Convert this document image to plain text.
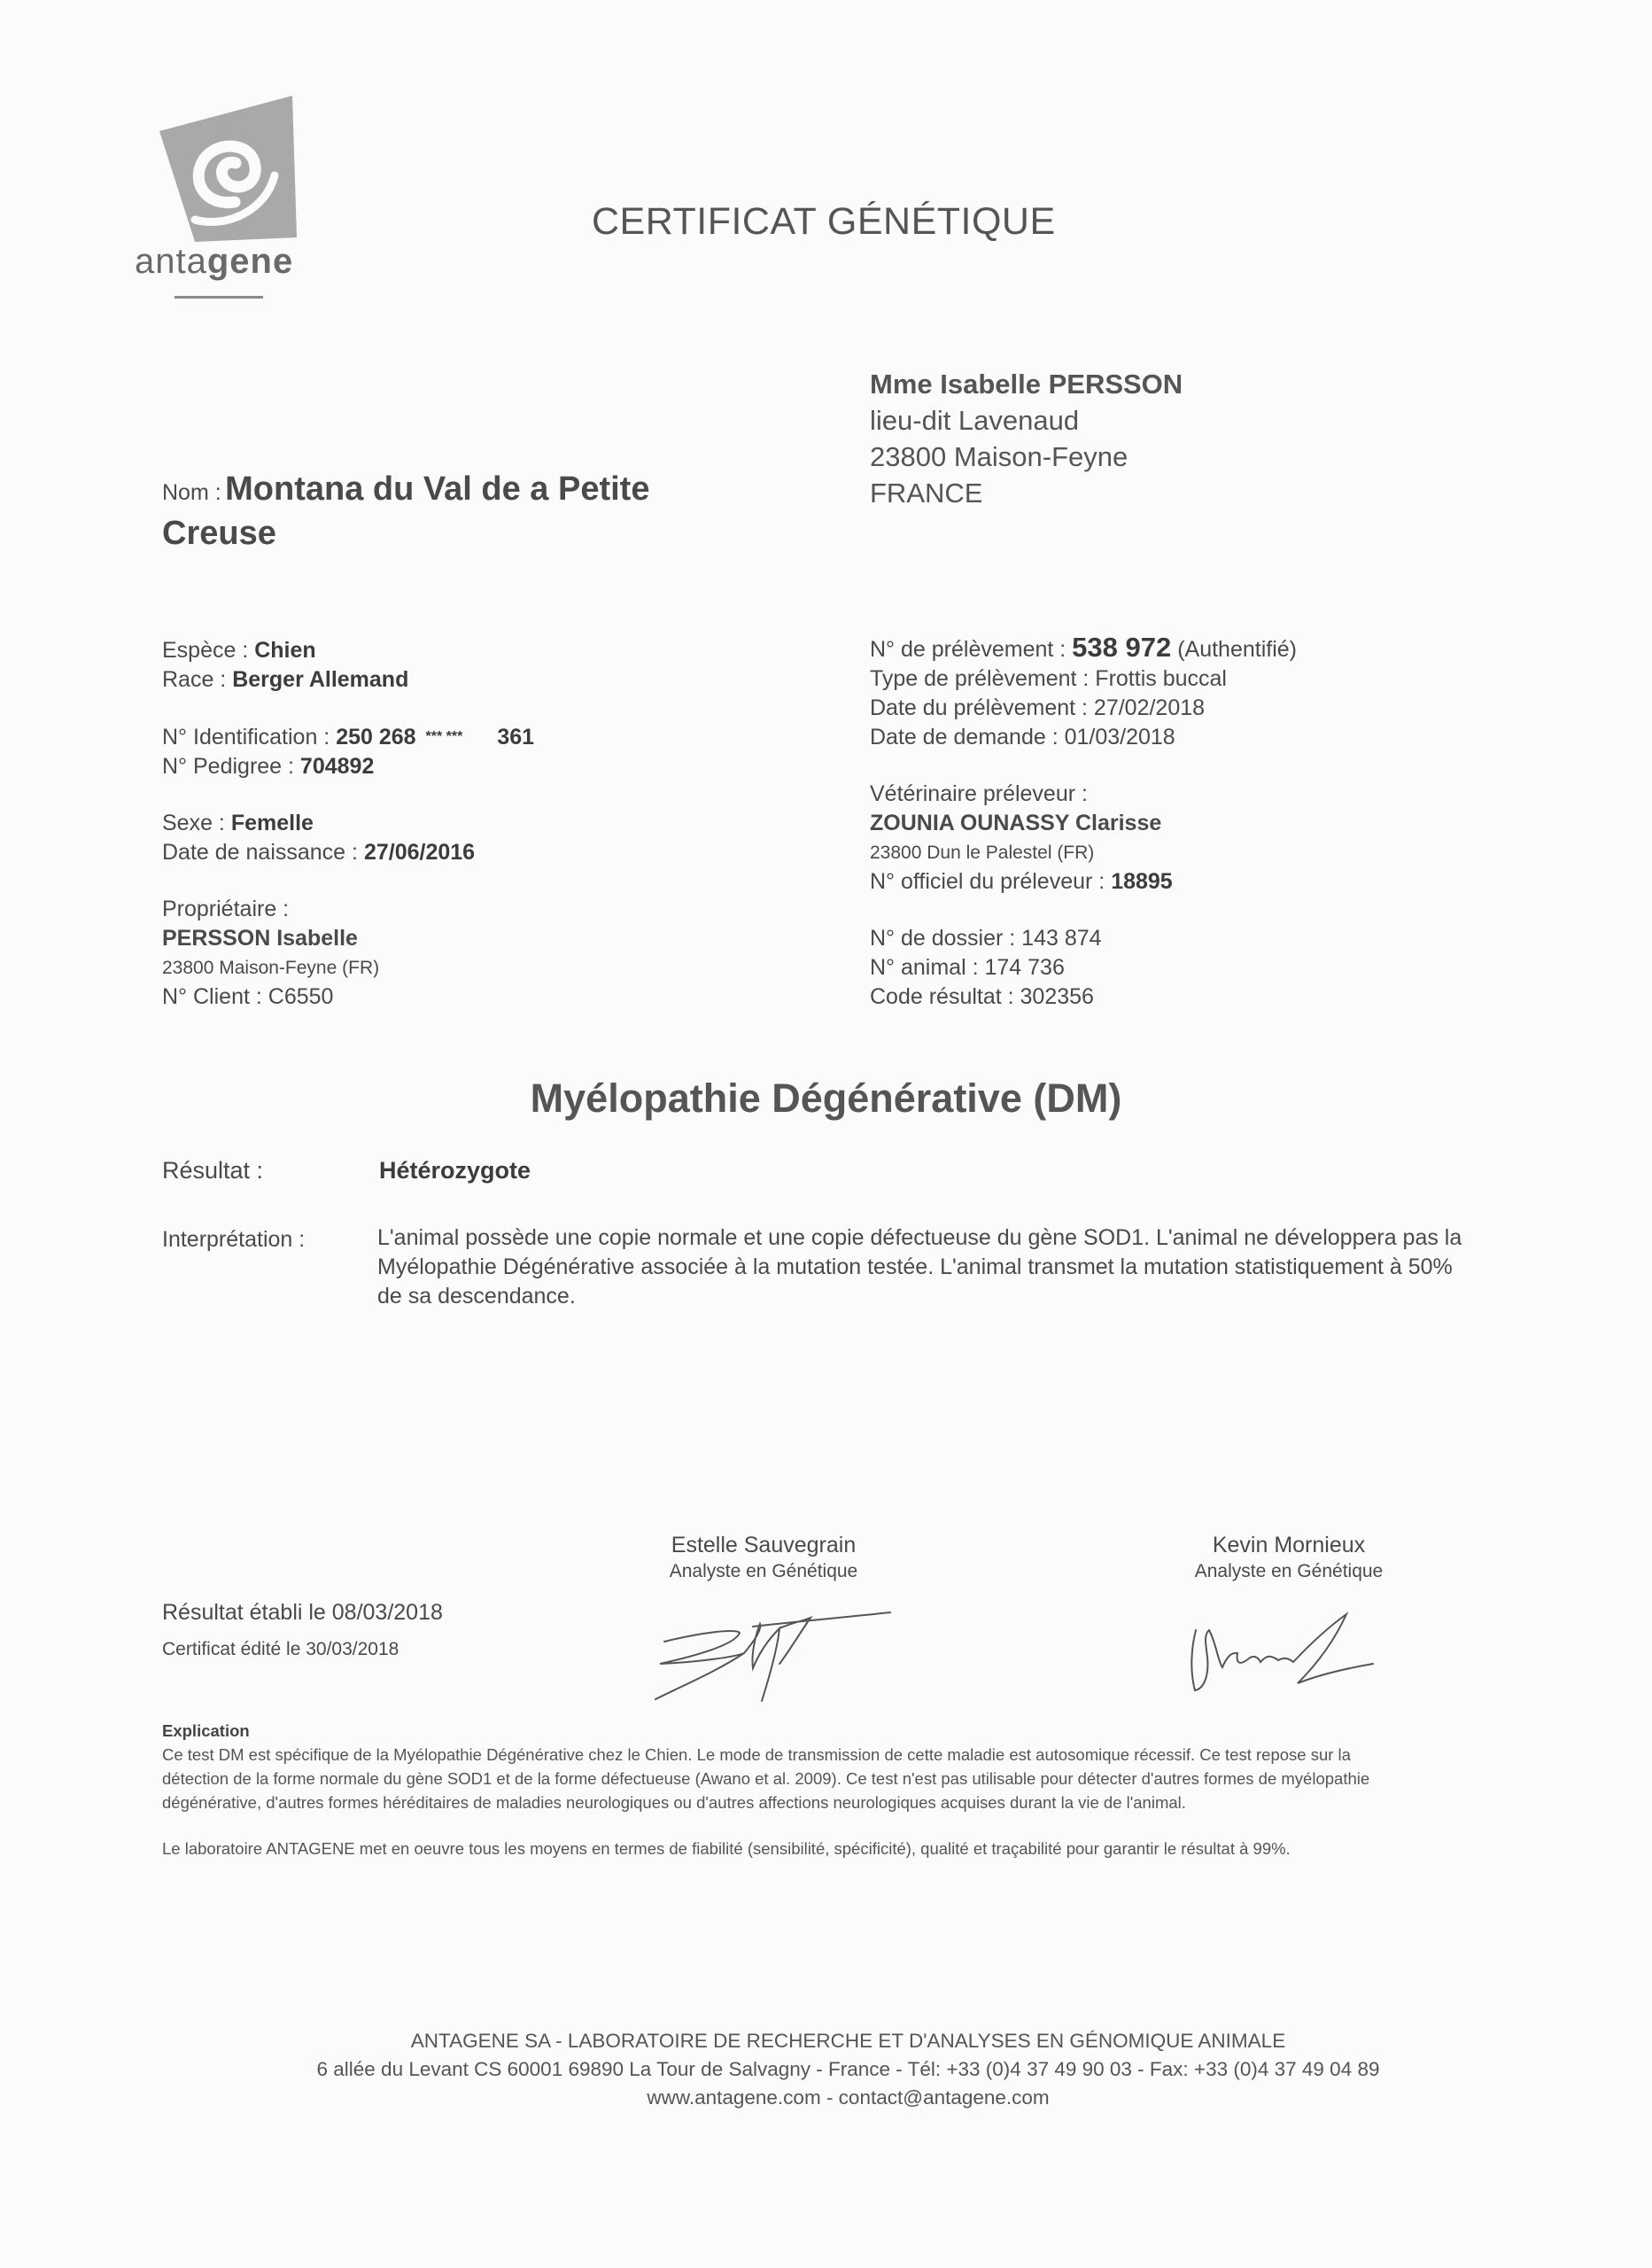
antagene
CERTIFICAT GÉNÉTIQUE
Mme Isabelle PERSSON
lieu-dit Lavenaud
23800 Maison-Feyne
FRANCE
Nom : Montana du Val de a Petite
Creuse
Espèce : Chien
Race : Berger Allemand
N° Identification : 250 268 *** *** 361
N° Pedigree : 704892
Sexe : Femelle
Date de naissance : 27/06/2016
Propriétaire :
PERSSON Isabelle
23800 Maison-Feyne (FR)
N° Client : C6550
N° de prélèvement : 538 972 (Authentifié)
Type de prélèvement : Frottis buccal
Date du prélèvement : 27/02/2018
Date de demande : 01/03/2018
Vétérinaire préleveur :
ZOUNIA OUNASSY Clarisse
23800 Dun le Palestel (FR)
N° officiel du préleveur : 18895
N° de dossier : 143 874
N° animal : 174 736
Code résultat : 302356
Myélopathie Dégénérative (DM)
Résultat :	Hétérozygote
Interprétation :	L'animal possède une copie normale et une copie défectueuse du gène SOD1. L'animal ne développera pas la
Myélopathie Dégénérative associée à la mutation testée. L'animal transmet la mutation statistiquement à 50%
de sa descendance.
Résultat établi le 08/03/2018
Certificat édité le 30/03/2018
Estelle Sauvegrain
Analyste en Génétique
Kevin Mornieux
Analyste en Génétique
Explication
Ce test DM est spécifique de la Myélopathie Dégénérative chez le Chien. Le mode de transmission de cette maladie est autosomique récessif. Ce test repose sur la
détection de la forme normale du gène SOD1 et de la forme défectueuse (Awano et al. 2009). Ce test n'est pas utilisable pour détecter d'autres formes de myélopathie
dégénérative, d'autres formes héréditaires de maladies neurologiques ou d'autres affections neurologiques acquises durant la vie de l'animal.
Le laboratoire ANTAGENE met en oeuvre tous les moyens en termes de fiabilité (sensibilité, spécificité), qualité et traçabilité pour garantir le résultat à 99%.
ANTAGENE SA - LABORATOIRE DE RECHERCHE ET D'ANALYSES EN GÉNOMIQUE ANIMALE
6 allée du Levant CS 60001 69890 La Tour de Salvagny - France - Tél: +33 (0)4 37 49 90 03 - Fax: +33 (0)4 37 49 04 89
www.antagene.com - contact@antagene.com
